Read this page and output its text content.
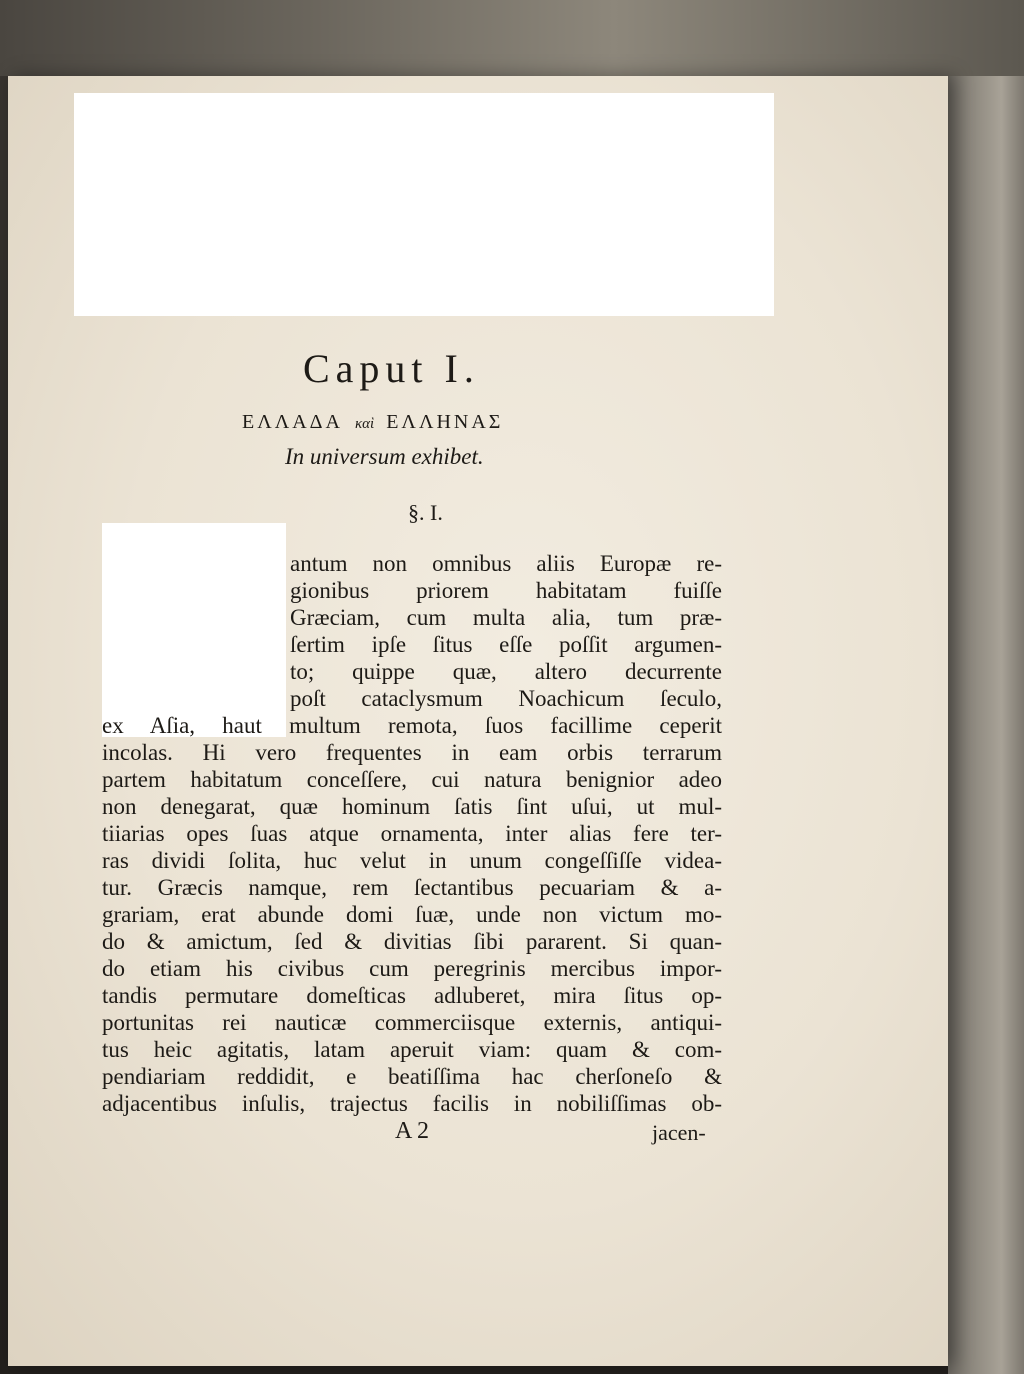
Caput I.
ΕΛΛΑΔΑ καὶ ΕΛΛΗΝΑΣ
In universum exhibet.
§. I.

antum non omnibus aliis Europæ re-

gionibus priorem habitatam fuiſſe

Græciam, cum multa alia, tum præ-

ſertim ipſe ſitus eſſe poſſit argumen-

to; quippe quæ, altero decurrente

poſt cataclysmum Noachicum ſeculo,

ex Aſia, haut multum remota, ſuos facillime ceperit

incolas. Hi vero frequentes in eam orbis terrarum

partem habitatum conceſſere, cui natura benignior adeo

non denegarat, quæ hominum ſatis ſint uſui, ut mul-

tiiarias opes ſuas atque ornamenta, inter alias fere ter-

ras dividi ſolita, huc velut in unum congeſſiſſe videa-

tur. Græcis namque, rem ſectantibus pecuariam & a-

grariam, erat abunde domi ſuæ, unde non victum mo-

do & amictum, ſed & divitias ſibi pararent. Si quan-

do etiam his civibus cum peregrinis mercibus impor-

tandis permutare domeſticas adluberet, mira ſitus op-

portunitas rei nauticæ commerciisque externis, antiqui-

tus heic agitatis, latam aperuit viam: quam & com-

pendiariam reddidit, e beatiſſima hac cherſoneſo &

adjacentibus inſulis, trajectus facilis in nobiliſſimas ob-

A 2	jacen-
